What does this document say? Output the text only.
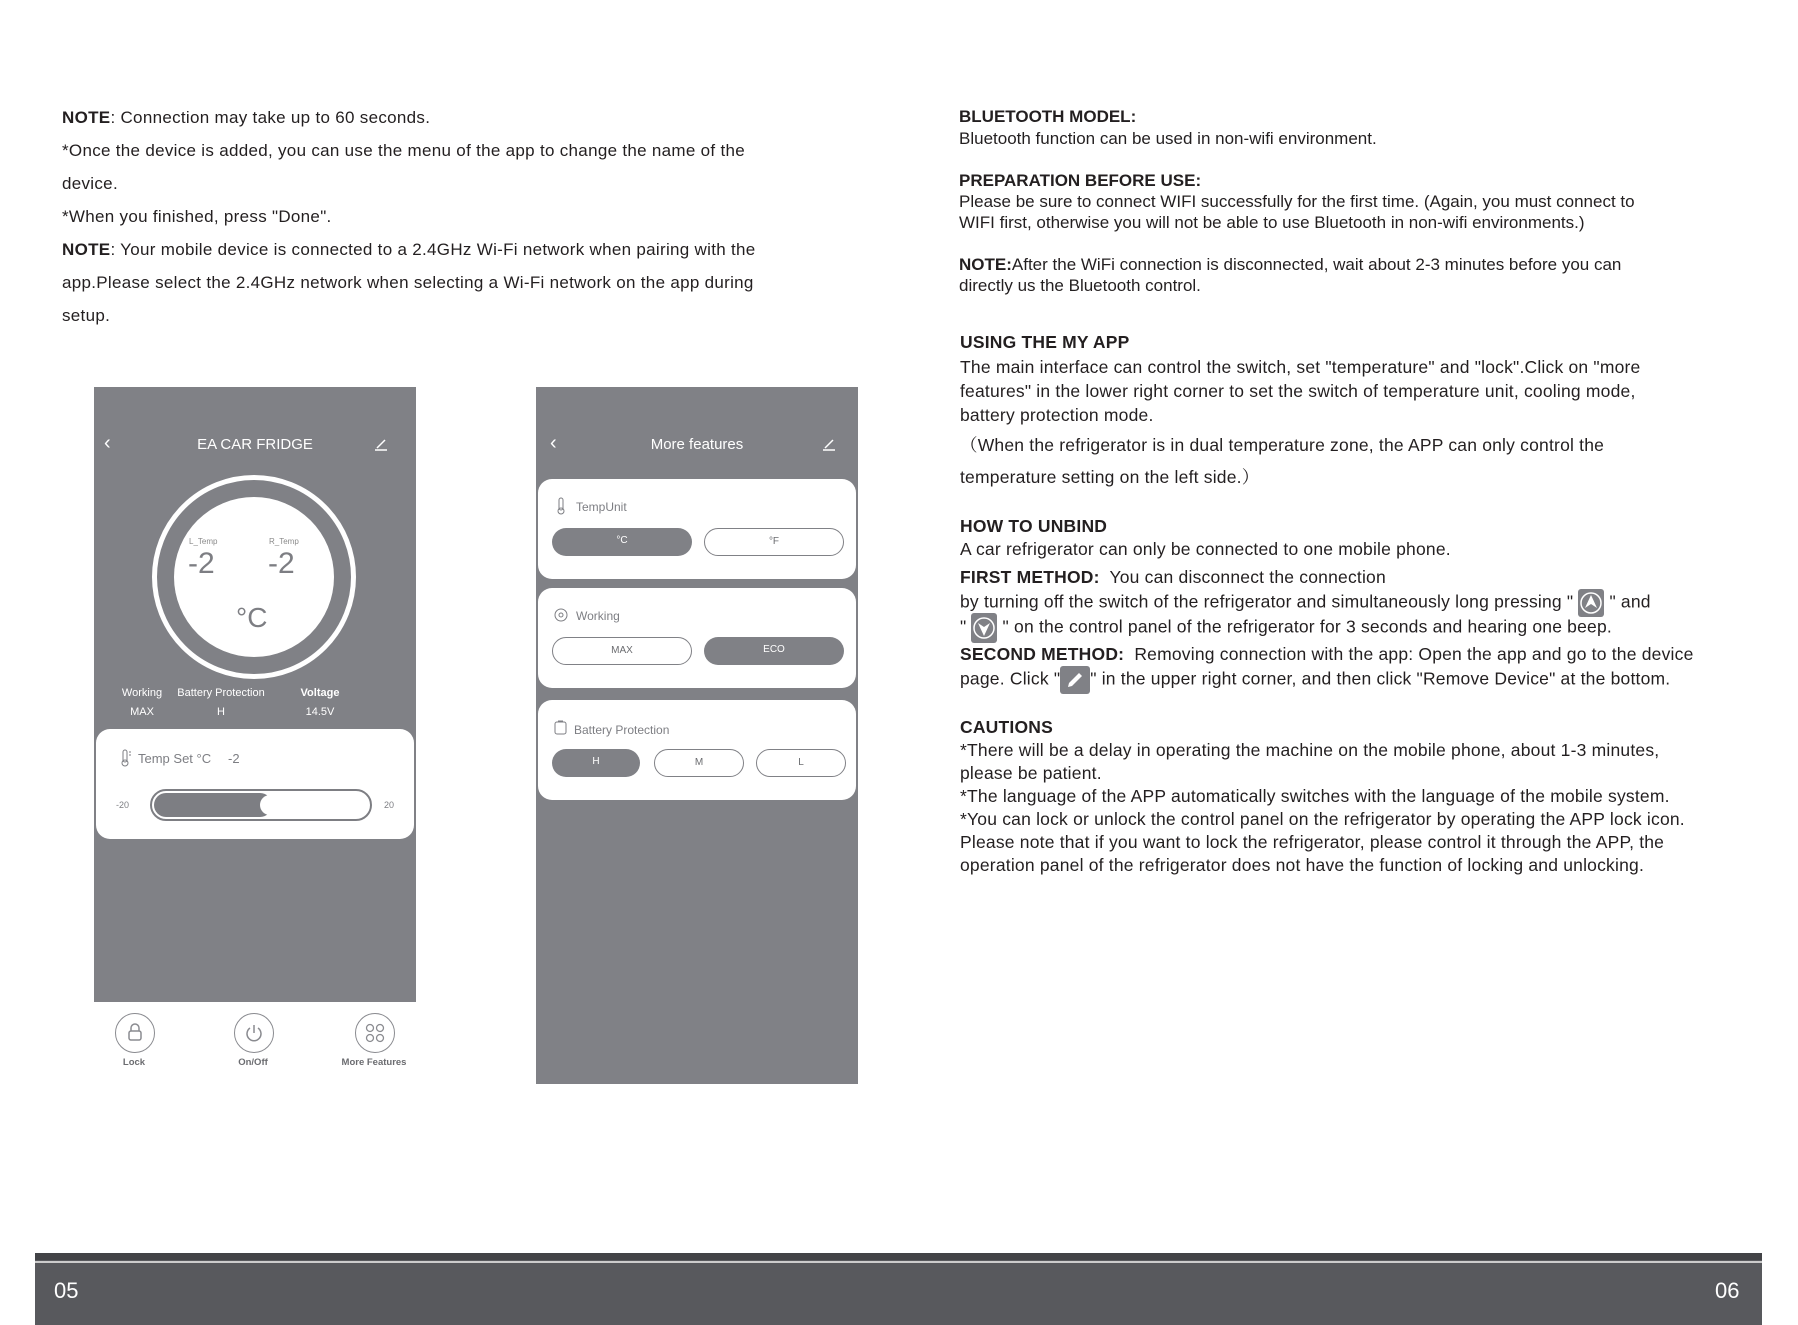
NOTE: Connection may take up to 60 seconds.
*Once the device is added, you can use the menu of the app to change the name of the
device.
*When you finished, press "Done".
NOTE: Your mobile device is connected to a 2.4GHz Wi-Fi network when pairing with the
app.Please select the 2.4GHz network when selecting a Wi-Fi network on the app during
setup.
‹	EA CAR FRIDGE
L_Temp	R_Temp
-2 -2
°C
Working
MAX
Battery Protection
H
Voltage
14.5V
Temp Set °C -2
-20	20
Lock	On/Off	More Features
‹	More features
TempUnit
°C	°F
Working
MAX	ECO
Battery Protection
H	M	L
BLUETOOTH MODEL:
Bluetooth function can be used in non-wifi environment.
PREPARATION BEFORE USE:
Please be sure to connect WIFI successfully for the first time. (Again, you must connect to
WIFI first, otherwise you will not be able to use Bluetooth in non-wifi environments.)
NOTE:After the WiFi connection is disconnected, wait about 2-3 minutes before you can
directly us the Bluetooth control.
USING THE MY APP
The main interface can control the switch, set "temperature" and "lock".Click on "more
features" in the lower right corner to set the switch of temperature unit, cooling mode,
battery protection mode.
（When the refrigerator is in dual temperature zone, the APP can only control the
temperature setting on the left side.）
HOW TO UNBIND
A car refrigerator can only be connected to one mobile phone.
FIRST METHOD: You can disconnect the connection
by turning off the switch of the refrigerator and simultaneously long pressing " " and
" " on the control panel of the refrigerator for 3 seconds and hearing one beep.
SECOND METHOD: Removing connection with the app: Open the app and go to the device
page. Click " " in the upper right corner, and then click "Remove Device" at the bottom.
CAUTIONS
*There will be a delay in operating the machine on the mobile phone, about 1-3 minutes,
please be patient.
*The language of the APP automatically switches with the language of the mobile system.
*You can lock or unlock the control panel on the refrigerator by operating the APP lock icon.
Please note that if you want to lock the refrigerator, please control it through the APP, the
operation panel of the refrigerator does not have the function of locking and unlocking.
05	06
